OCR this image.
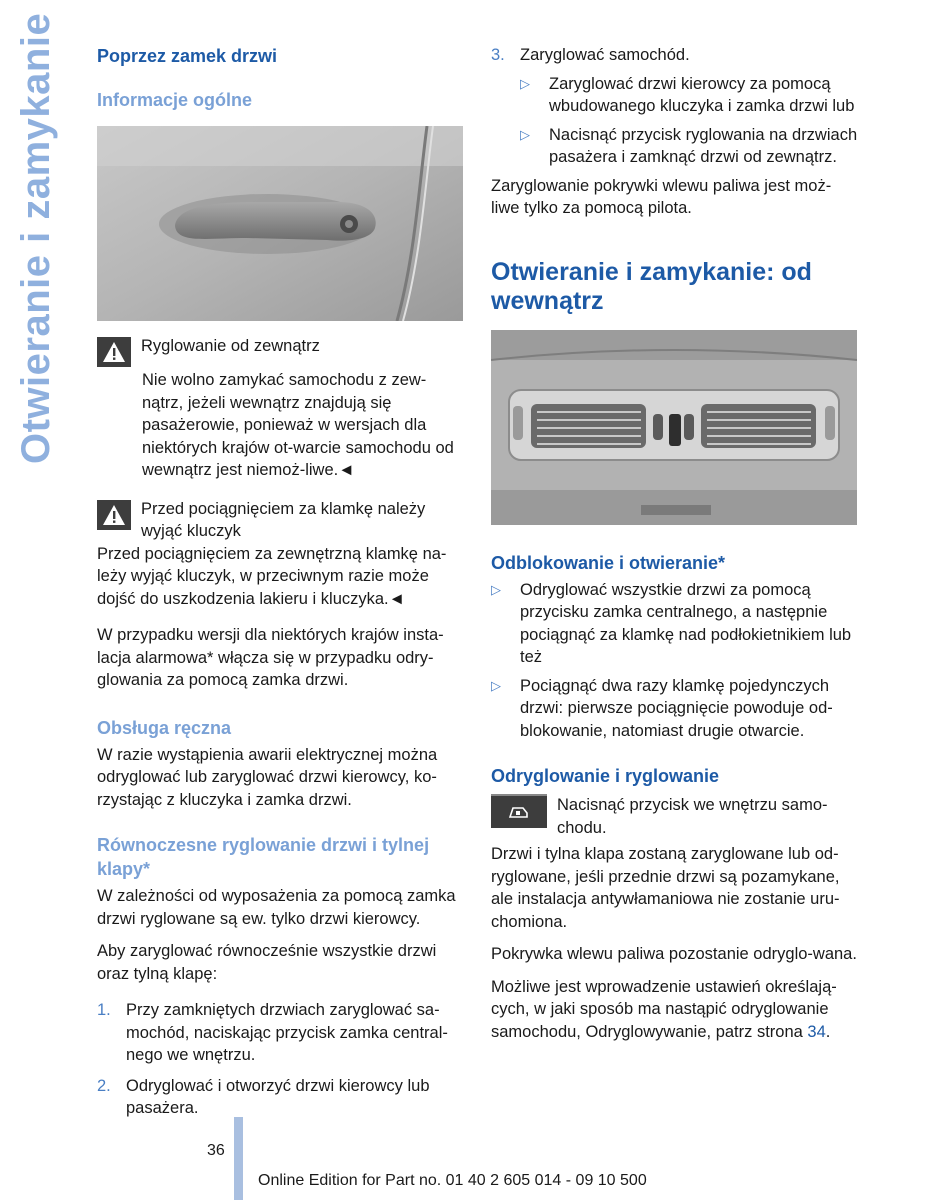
Otwieranie i zamykanie	Poprzez zamek drzwi
Informacje ogólne
Ryglowanie od zewnątrz
Nie wolno zamykać samochodu z zew-nątrz, jeżeli wewnątrz znajdują się pasażerowie, ponieważ w wersjach dla niektórych krajów ot-warcie samochodu od wewnątrz jest niemoż-liwe.◄
Przed pociągnięciem za klamkę należy wyjąć kluczyk
Przed pociągnięciem za zewnętrzną klamkę na-leży wyjąć kluczyk, w przeciwnym razie może dojść do uszkodzenia lakieru i kluczyka.◄
W przypadku wersji dla niektórych krajów insta-lacja alarmowa* włącza się w przypadku odry-glowania za pomocą zamka drzwi.
Obsługa ręczna
W razie wystąpienia awarii elektrycznej można odryglować lub zaryglować drzwi kierowcy, ko-rzystając z kluczyka i zamka drzwi.
Równoczesne ryglowanie drzwi i tylnej klapy*
W zależności od wyposażenia za pomocą zamka drzwi ryglowane są ew. tylko drzwi kierowcy.
Aby zaryglować równocześnie wszystkie drzwi oraz tylną klapę:
1. Przy zamkniętych drzwiach zaryglować sa-mochód, naciskając przycisk zamka central-nego we wnętrzu.
2. Odryglować i otworzyć drzwi kierowcy lub pasażera.
3. Zaryglować samochód.
▷	Zaryglować drzwi kierowcy za pomocą wbudowanego kluczyka i zamka drzwi lub
▷	Nacisnąć przycisk ryglowania na drzwiach pasażera i zamknąć drzwi od zewnątrz.
Zaryglowanie pokrywki wlewu paliwa jest moż-liwe tylko za pomocą pilota.
Otwieranie i zamykanie: od wewnątrz
Odblokowanie i otwieranie*
▷	Odryglować wszystkie drzwi za pomocą przycisku zamka centralnego, a następnie pociągnąć za klamkę nad podłokietnikiem lub też
▷	Pociągnąć dwa razy klamkę pojedynczych drzwi: pierwsze pociągnięcie powoduje od-blokowanie, natomiast drugie otwarcie.
Odryglowanie i ryglowanie
Nacisnąć przycisk we wnętrzu samo-chodu.
Drzwi i tylna klapa zostaną zaryglowane lub od-ryglowane, jeśli przednie drzwi są pozamykane, ale instalacja antywłamaniowa nie zostanie uru-chomiona.
Pokrywka wlewu paliwa pozostanie odryglo-wana.
Możliwe jest wprowadzenie ustawień określają-cych, w jaki sposób ma nastąpić odryglowanie samochodu, Odryglowywanie, patrz strona 34.
36
Online Edition for Part no. 01 40 2 605 014 - 09 10 500
